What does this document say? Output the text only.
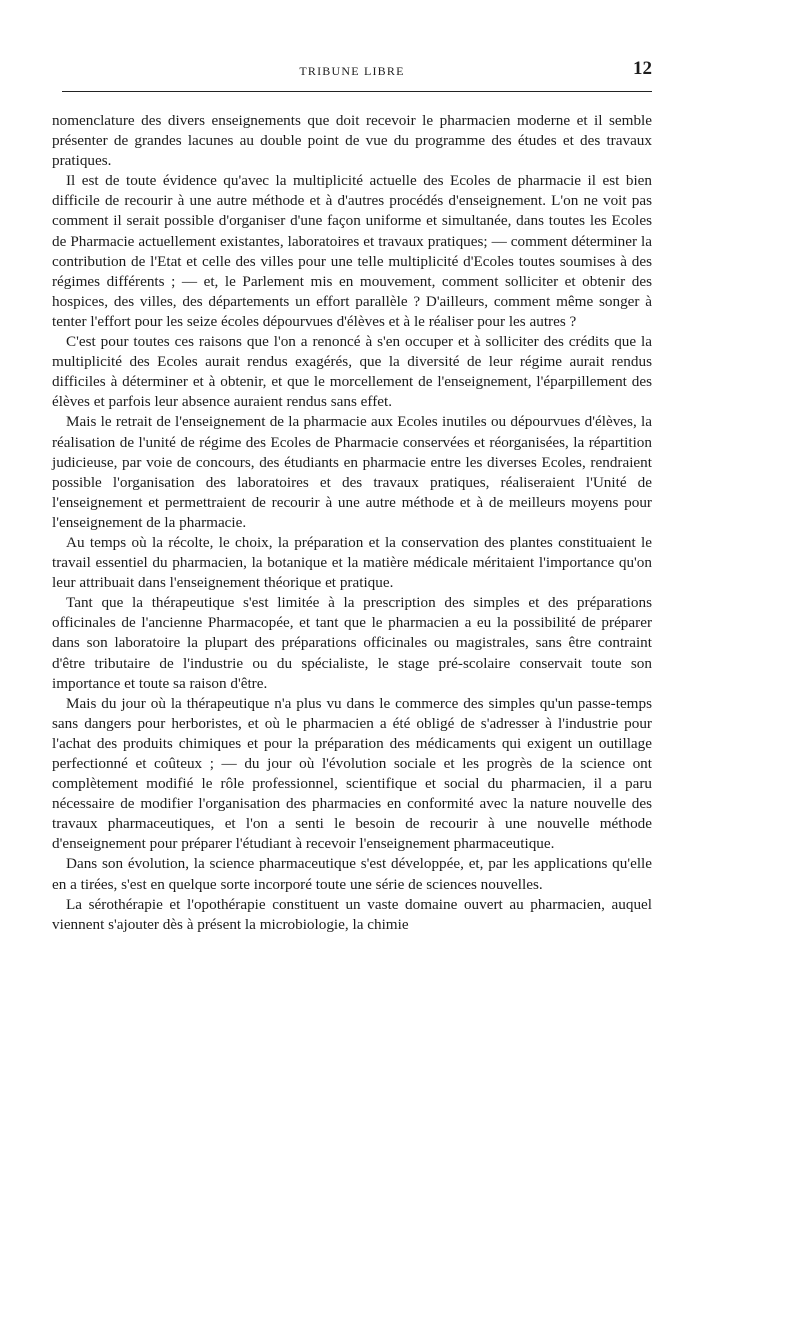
TRIBUNE LIBRE	12

nomenclature des divers enseignements que doit recevoir le pharmacien moderne et il semble présenter de grandes lacunes au double point de vue du programme des études et des travaux pratiques.

Il est de toute évidence qu'avec la multiplicité actuelle des Ecoles de pharmacie il est bien difficile de recourir à une autre méthode et à d'autres procédés d'enseignement. L'on ne voit pas comment il serait possible d'organiser d'une façon uniforme et simultanée, dans toutes les Ecoles de Pharmacie actuellement existantes, laboratoires et travaux pratiques; — comment déterminer la contribution de l'Etat et celle des villes pour une telle multiplicité d'Ecoles toutes soumises à des régimes différents ; — et, le Parlement mis en mouvement, comment solliciter et obtenir des hospices, des villes, des départements un effort parallèle ? D'ailleurs, comment même songer à tenter l'effort pour les seize écoles dépourvues d'élèves et à le réaliser pour les autres ?

C'est pour toutes ces raisons que l'on a renoncé à s'en occuper et à solliciter des crédits que la multiplicité des Ecoles aurait rendus exagérés, que la diversité de leur régime aurait rendus difficiles à déterminer et à obtenir, et que le morcellement de l'enseignement, l'éparpillement des élèves et parfois leur absence auraient rendus sans effet.

Mais le retrait de l'enseignement de la pharmacie aux Ecoles inutiles ou dépourvues d'élèves, la réalisation de l'unité de régime des Ecoles de Pharmacie conservées et réorganisées, la répartition judicieuse, par voie de concours, des étudiants en pharmacie entre les diverses Ecoles, rendraient possible l'organisation des laboratoires et des travaux pratiques, réaliseraient l'Unité de l'enseignement et permettraient de recourir à une autre méthode et à de meilleurs moyens pour l'enseignement de la pharmacie.

Au temps où la récolte, le choix, la préparation et la conservation des plantes constituaient le travail essentiel du pharmacien, la botanique et la matière médicale méritaient l'importance qu'on leur attribuait dans l'enseignement théorique et pratique.

Tant que la thérapeutique s'est limitée à la prescription des simples et des préparations officinales de l'ancienne Pharmacopée, et tant que le pharmacien a eu la possibilité de préparer dans son laboratoire la plupart des préparations officinales ou magistrales, sans être contraint d'être tributaire de l'industrie ou du spécialiste, le stage pré-scolaire conservait toute son importance et toute sa raison d'être.

Mais du jour où la thérapeutique n'a plus vu dans le commerce des simples qu'un passe-temps sans dangers pour herboristes, et où le pharmacien a été obligé de s'adresser à l'industrie pour l'achat des produits chimiques et pour la préparation des médicaments qui exigent un outillage perfectionné et coûteux ; — du jour où l'évolution sociale et les progrès de la science ont complètement modifié le rôle professionnel, scientifique et social du pharmacien, il a paru nécessaire de modifier l'organisation des pharmacies en conformité avec la nature nouvelle des travaux pharmaceutiques, et l'on a senti le besoin de recourir à une nouvelle méthode d'enseignement pour préparer l'étudiant à recevoir l'enseignement pharmaceutique.

Dans son évolution, la science pharmaceutique s'est développée, et, par les applications qu'elle en a tirées, s'est en quelque sorte incorporé toute une série de sciences nouvelles.

La sérothérapie et l'opothérapie constituent un vaste domaine ouvert au pharmacien, auquel viennent s'ajouter dès à présent la microbiologie, la chimie
